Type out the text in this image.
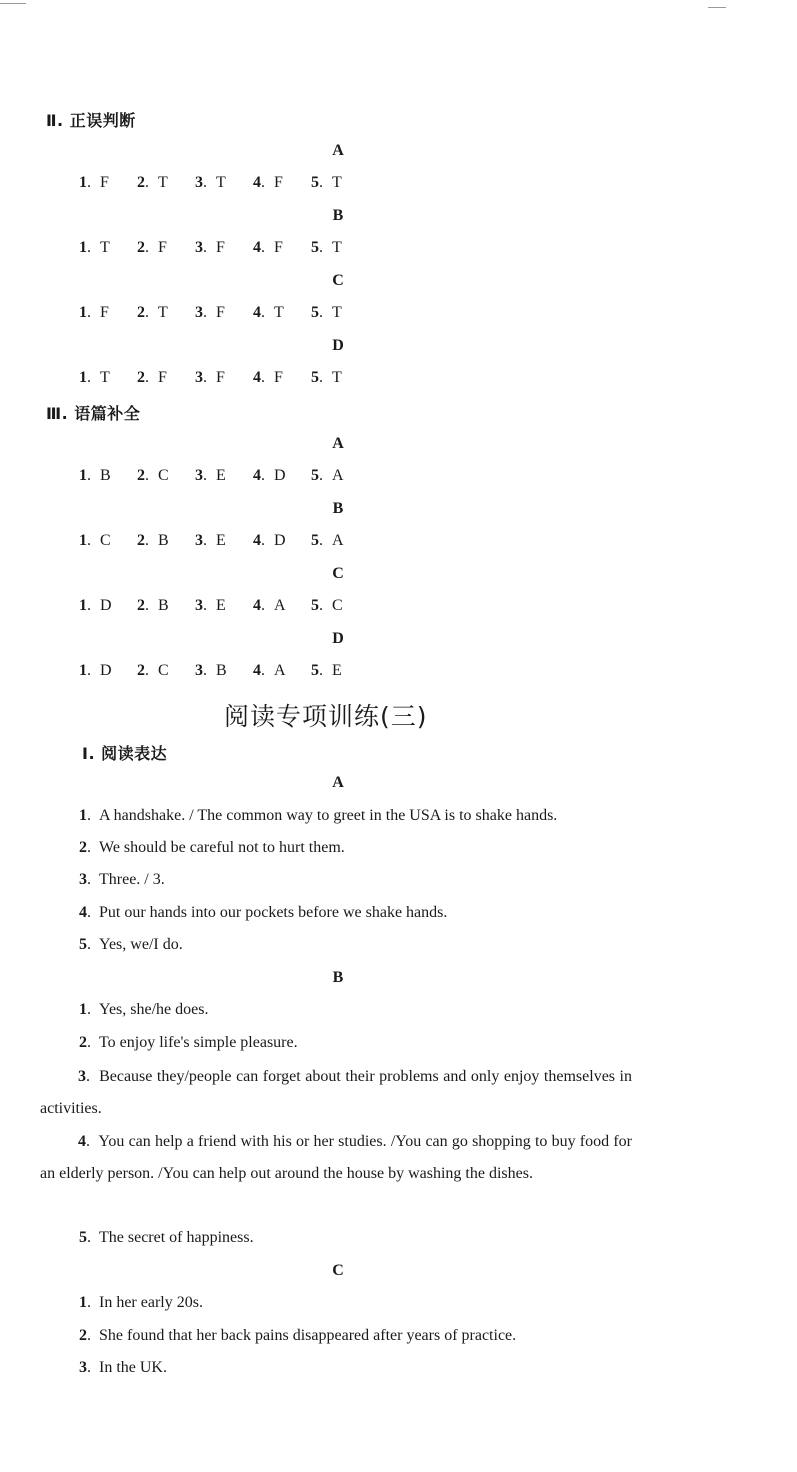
Ⅱ. 正误判断
A
1 . F 2 . T 3 . T 4 . F 5 . T
B
1 . T 2 . F 3 . F 4 . F 5 . T
C
1 . F 2 . T 3 . F 4 . T 5 . T
D
1 . T 2 . F 3 . F 4 . F 5 . T
Ⅲ. 语篇补全
A
1 . B 2 . C 3 . E 4 . D 5 . A
B
1 . C 2 . B 3 . E 4 . D 5 . A
C
1 . D 2 . B 3 . E 4 . A 5 . C
D
1 . D 2 . C 3 . B 4 . A 5 . E
阅读专项训练(三)
Ⅰ. 阅读表达
A
1.  A handshake. / The common way to greet in the USA is to shake hands.
2.  We should be careful not to hurt them.
3.  Three. / 3.
4.  Put our hands into our pockets before we shake hands.
5.  Yes, we/I do.
B
1.  Yes, she/he does.
2.  To enjoy life's simple pleasure.
3.  Because they/people can forget about their problems and only enjoy themselves in activities.
4.  You can help a friend with his or her studies. /You can go shopping to buy food for an elderly person. /You can help out around the house by washing the dishes.
5.  The secret of happiness.
C
1.  In her early 20s.
2.  She found that her back pains disappeared after years of practice.
3.  In the UK.
